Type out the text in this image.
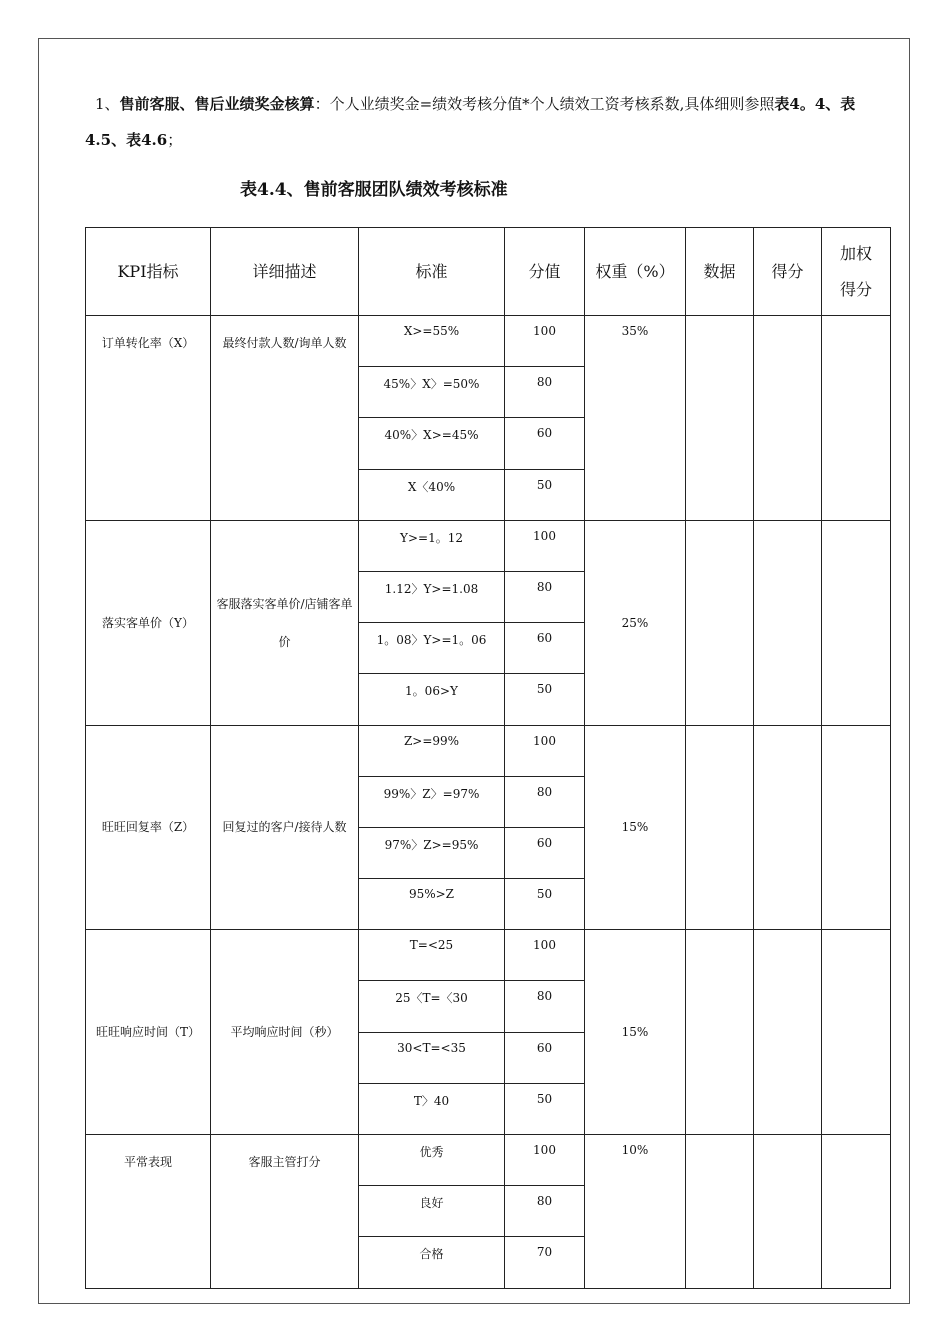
1、售前客服、售后业绩奖金核算：个人业绩奖金=绩效考核分值*个人绩效工资考核系数,具体细则参照表4。4、表4.5、表4.6；
表4.4、售前客服团队绩效考核标准
KPI指标	详细描述	标准	分值	权重（%）	数据	得分	加权
得分
订单转化率（X）	最终付款人数/询单人数	X>=55%	100	35%			
		45%〉X〉=50%	80				
		40%〉X>=45%	60				
		X〈40%	50				
落实客单价（Y）	客服落实客单价/店铺客单价	Y>=1。12	100	25%			
		1.12〉Y>=1.08	80				
		1。08〉Y>=1。06	60				
		1。06>Y	50				
旺旺回复率（Z）	回复过的客户/接待人数	Z>=99%	100	15%			
		99%〉Z〉=97%	80				
		97%〉Z>=95%	60				
		95%>Z	50				
旺旺响应时间（T）	平均响应时间（秒）	T=<25	100	15%			
		25〈T=〈30	80				
		30<T=<35	60				
		T〉40	50				
平常表现	客服主管打分	优秀	100	10%			
		良好	80				
		合格	70				
